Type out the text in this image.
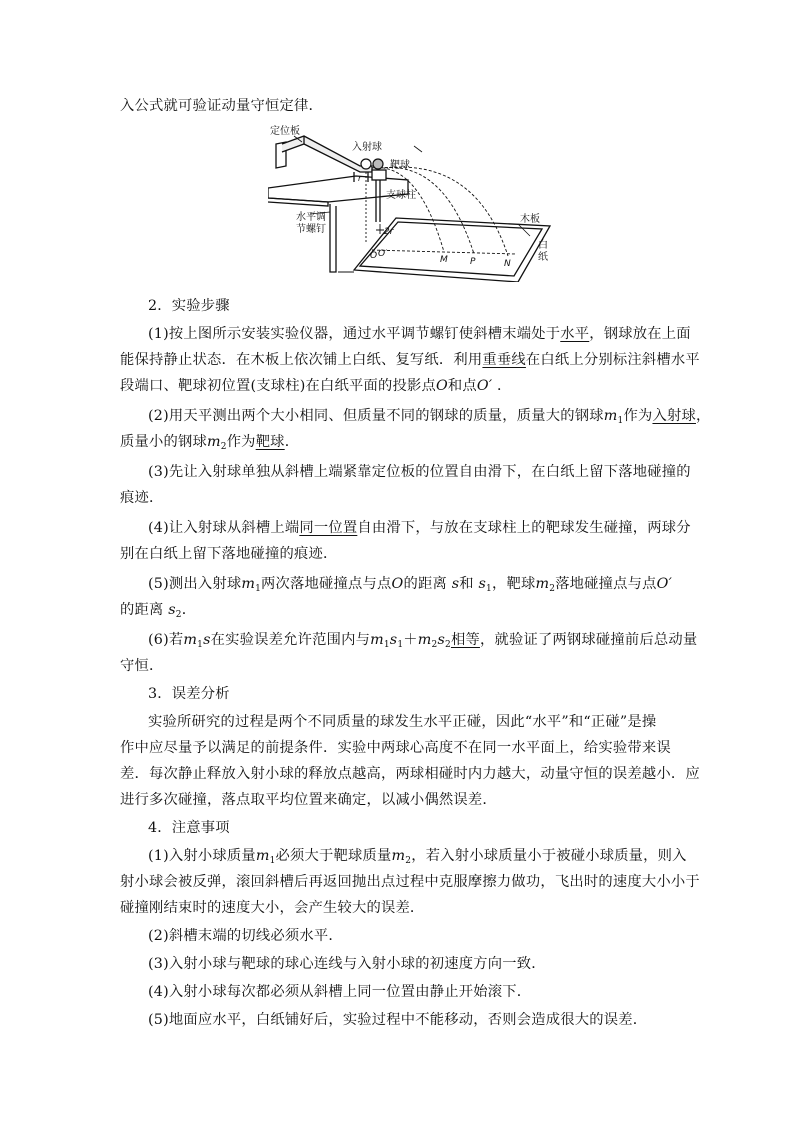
入公式就可验证动量守恒定律．
定位板
入射球
靶球
支球柱
水平调
节螺钉
木板
白
纸
r
2r
O O′
M P	N
2．实验步骤
(1)按上图所示安装实验仪器，通过水平调节螺钉使斜槽末端处于水平，钢球放在上面
能保持静止状态．在木板上依次铺上白纸、复写纸．利用重垂线在白纸上分别标注斜槽水平
段端口、靶球初位置(支球柱)在白纸平面的投影点O和点O′ ．
(2)用天平测出两个大小相同、但质量不同的钢球的质量，质量大的钢球$m_1$作为入射球，
质量小的钢球$m_2$作为靶球．
(3)先让入射球单独从斜槽上端紧靠定位板的位置自由滑下，在白纸上留下落地碰撞的
痕迹．
(4)让入射球从斜槽上端同一位置自由滑下，与放在支球柱上的靶球发生碰撞，两球分
别在白纸上留下落地碰撞的痕迹．
(5)测出入射球$m_1$两次落地碰撞点与点O的距离 s和 $s_1$，靶球$m_2$落地碰撞点与点O′
的距离 $s_2$．
(6)若$m_1s$在实验误差允许范围内与$m_1s_1+m_2s_2$相等，就验证了两钢球碰撞前后总动量
守恒．
3．误差分析
实验所研究的过程是两个不同质量的球发生水平正碰，因此“水平”和“正碰”是操
作中应尽量予以满足的前提条件．实验中两球心高度不在同一水平面上，给实验带来误
差．每次静止释放入射小球的释放点越高，两球相碰时内力越大，动量守恒的误差越小．应
进行多次碰撞，落点取平均位置来确定，以减小偶然误差．
4．注意事项
(1)入射小球质量$m_1$必须大于靶球质量$m_2$，若入射小球质量小于被碰小球质量，则入
射小球会被反弹，滚回斜槽后再返回抛出点过程中克服摩擦力做功，飞出时的速度大小小于
碰撞刚结束时的速度大小，会产生较大的误差．
(2)斜槽末端的切线必须水平．
(3)入射小球与靶球的球心连线与入射小球的初速度方向一致．
(4)入射小球每次都必须从斜槽上同一位置由静止开始滚下．
(5)地面应水平，白纸铺好后，实验过程中不能移动，否则会造成很大的误差．
